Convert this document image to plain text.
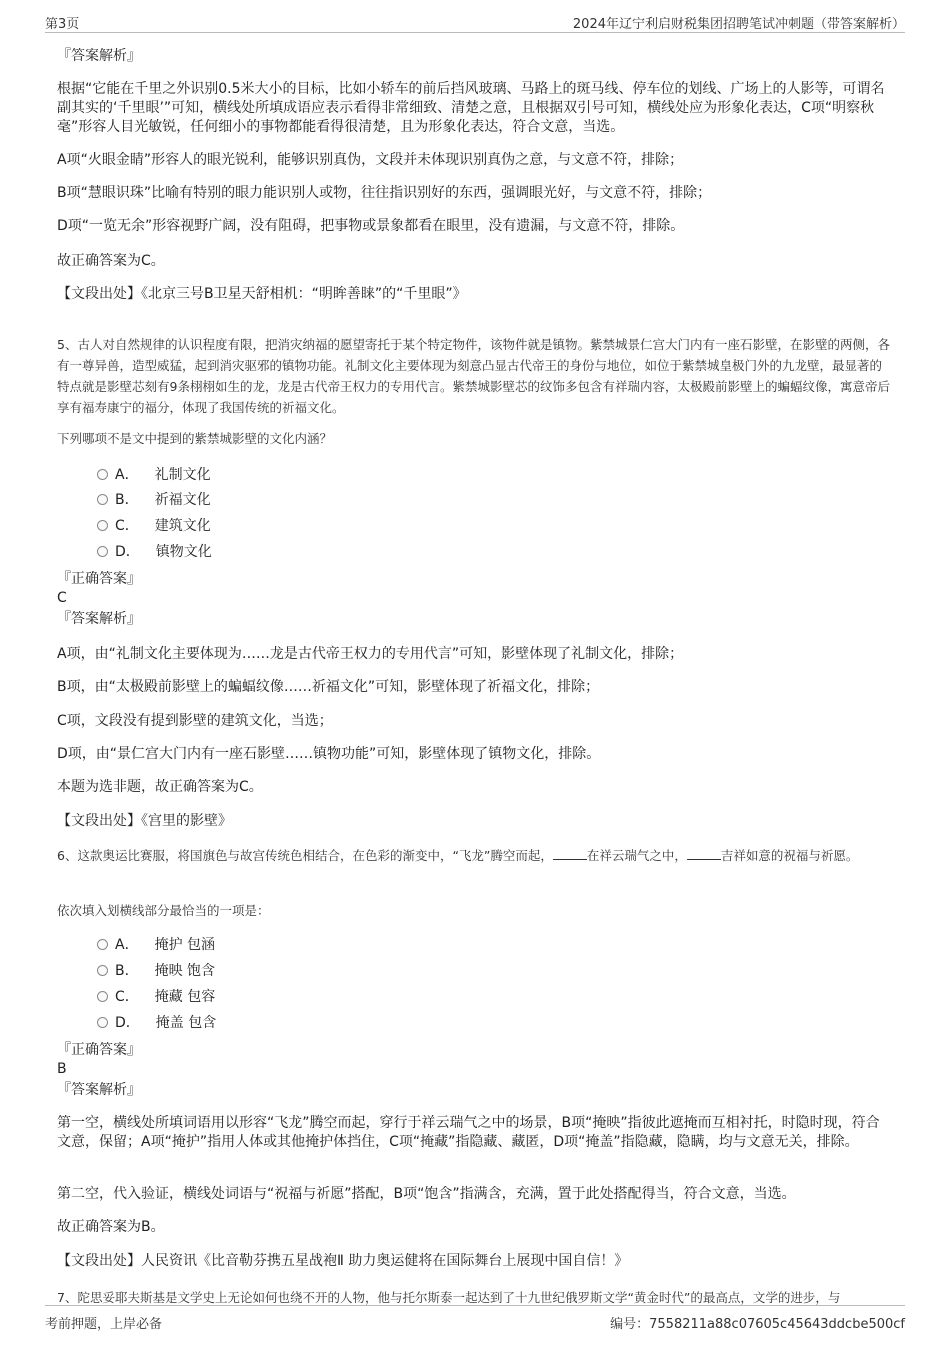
第3页	2024年辽宁利启财税集团招聘笔试冲刺题（带答案解析）

『答案解析』

根据“它能在千里之外识别0.5米大小的目标，比如小轿车的前后挡风玻璃、马路上的斑马线、停车位的划线、广场上的人影等，可谓名副其实的‘千里眼’”可知，横线处所填成语应表示看得非常细致、清楚之意，且根据双引号可知，横线处应为形象化表达，C项“明察秋毫”形容人目光敏锐，任何细小的事物都能看得很清楚，且为形象化表达，符合文意，当选。

A项“火眼金睛”形容人的眼光锐利，能够识别真伪，文段并未体现识别真伪之意，与文意不符，排除；

B项“慧眼识珠”比喻有特别的眼力能识别人或物，往往指识别好的东西，强调眼光好，与文意不符，排除；

D项“一览无余”形容视野广阔，没有阻碍，把事物或景象都看在眼里，没有遗漏，与文意不符，排除。

故正确答案为C。

【文段出处】《北京三号B卫星天舒相机：“明眸善睐”的“千里眼”》

5、古人对自然规律的认识程度有限，把消灾纳福的愿望寄托于某个特定物件，该物件就是镇物。紫禁城景仁宫大门内有一座石影壁，在影壁的两侧，各有一尊异兽，造型威猛，起到消灾驱邪的镇物功能。礼制文化主要体现为刻意凸显古代帝王的身份与地位，如位于紫禁城皇极门外的九龙壁，最显著的特点就是影壁芯刻有9条栩栩如生的龙，龙是古代帝王权力的专用代言。紫禁城影壁芯的纹饰多包含有祥瑞内容，太极殿前影壁上的蝙蝠纹像，寓意帝后享有福寿康宁的福分，体现了我国传统的祈福文化。

下列哪项不是文中提到的紫禁城影壁的文化内涵？

A． 礼制文化
B． 祈福文化
C． 建筑文化
D． 镇物文化

『正确答案』

C

『答案解析』

A项，由“礼制文化主要体现为……龙是古代帝王权力的专用代言”可知，影壁体现了礼制文化，排除；

B项，由“太极殿前影壁上的蝙蝠纹像……祈福文化”可知，影壁体现了祈福文化，排除；

C项，文段没有提到影壁的建筑文化，当选；

D项，由“景仁宫大门内有一座石影壁……镇物功能”可知，影壁体现了镇物文化，排除。

本题为选非题，故正确答案为C。

【文段出处】《宫里的影壁》

6、这款奥运比赛服，将国旗色与故宫传统色相结合，在色彩的渐变中，“飞龙”腾空而起，	在祥云瑞气之中，	吉祥如意的祝福与祈愿。

依次填入划横线部分最恰当的一项是：

A． 掩护 包涵
B． 掩映 饱含
C． 掩藏 包容
D． 掩盖 包含

『正确答案』

B

『答案解析』

第一空，横线处所填词语用以形容“飞龙”腾空而起，穿行于祥云瑞气之中的场景，B项“掩映”指彼此遮掩而互相衬托，时隐时现，符合文意，保留；A项“掩护”指用人体或其他掩护体挡住，C项“掩藏”指隐藏、藏匿，D项“掩盖”指隐藏，隐瞒，均与文意无关，排除。

第二空，代入验证，横线处词语与“祝福与祈愿”搭配，B项“饱含”指满含，充满，置于此处搭配得当，符合文意，当选。

故正确答案为B。

【文段出处】人民资讯《比音勒芬携五星战袍Ⅱ 助力奥运健将在国际舞台上展现中国自信！》

7、陀思妥耶夫斯基是文学史上无论如何也绕不开的人物，他与托尔斯泰一起达到了十九世纪俄罗斯文学“黄金时代”的最高点，文学的进步，与

考前押题，上岸必备	编号：7558211a88c07605c45643ddcbe500cf
